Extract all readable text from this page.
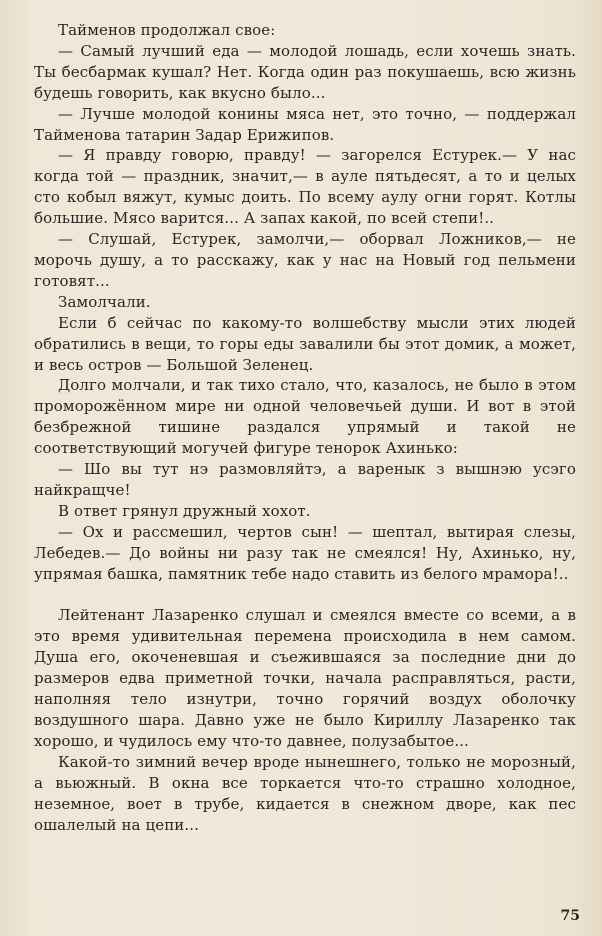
Тайменов продолжал свое:

— Самый лучший еда — молодой лошадь, если хочешь знать. Ты бесбармак кушал? Нет. Когда один раз покушаешь, всю жизнь будешь говорить, как вкусно было...

— Лучше молодой конины мяса нет, это точно, — поддержал Тайменова татарин Задар Ерижипов.

— Я правду говорю, правду! — загорелся Естурек.— У нас когда той — праздник, значит,— в ауле пятьдесят, а то и целых сто кобыл вяжут, кумыс доить. По всему аулу огни горят. Котлы большие. Мясо варится... А запах какой, по всей степи!..

— Слушай, Естурек, замолчи,— оборвал Ложников,— не морочь душу, а то расскажу, как у нас на Новый год пельмени готовят...

Замолчали.

Если б сейчас по какому-то волшебству мысли этих людей обратились в вещи, то горы еды завалили бы этот домик, а может, и весь остров — Большой Зеленец.

Долго молчали, и так тихо стало, что, казалось, не было в этом проморожённом мире ни одной человечьей души. И вот в этой безбрежной тишине раздался упрямый и такой не соответствующий могучей фигуре тенорок Ахинько:

— Шо вы тут нэ размовляйтэ, а варенык з вышнэю усэго найкращче!

В ответ грянул дружный хохот.

— Ох и рассмешил, чертов сын! — шептал, вытирая слезы, Лебедев.— До войны ни разу так не смеялся! Ну, Ахинько, ну, упрямая башка, памятник тебе надо ставить из белого мрамора!..

Лейтенант Лазаренко слушал и смеялся вместе со всеми, а в это время удивительная перемена происходила в нем самом. Душа его, окоченевшая и съежившаяся за последние дни до размеров едва приметной точки, начала расправляться, расти, наполняя тело изнутри, точно горячий воздух оболочку воздушного шара. Давно уже не было Кириллу Лазаренко так хорошо, и чудилось ему что-то давнее, полузабытое...

Какой-то зимний вечер вроде нынешнего, только не морозный, а вьюжный. В окна все торкается что-то страшно холодное, неземное, воет в трубе, кидается в снежном дворе, как пес ошалелый на цепи...

75
